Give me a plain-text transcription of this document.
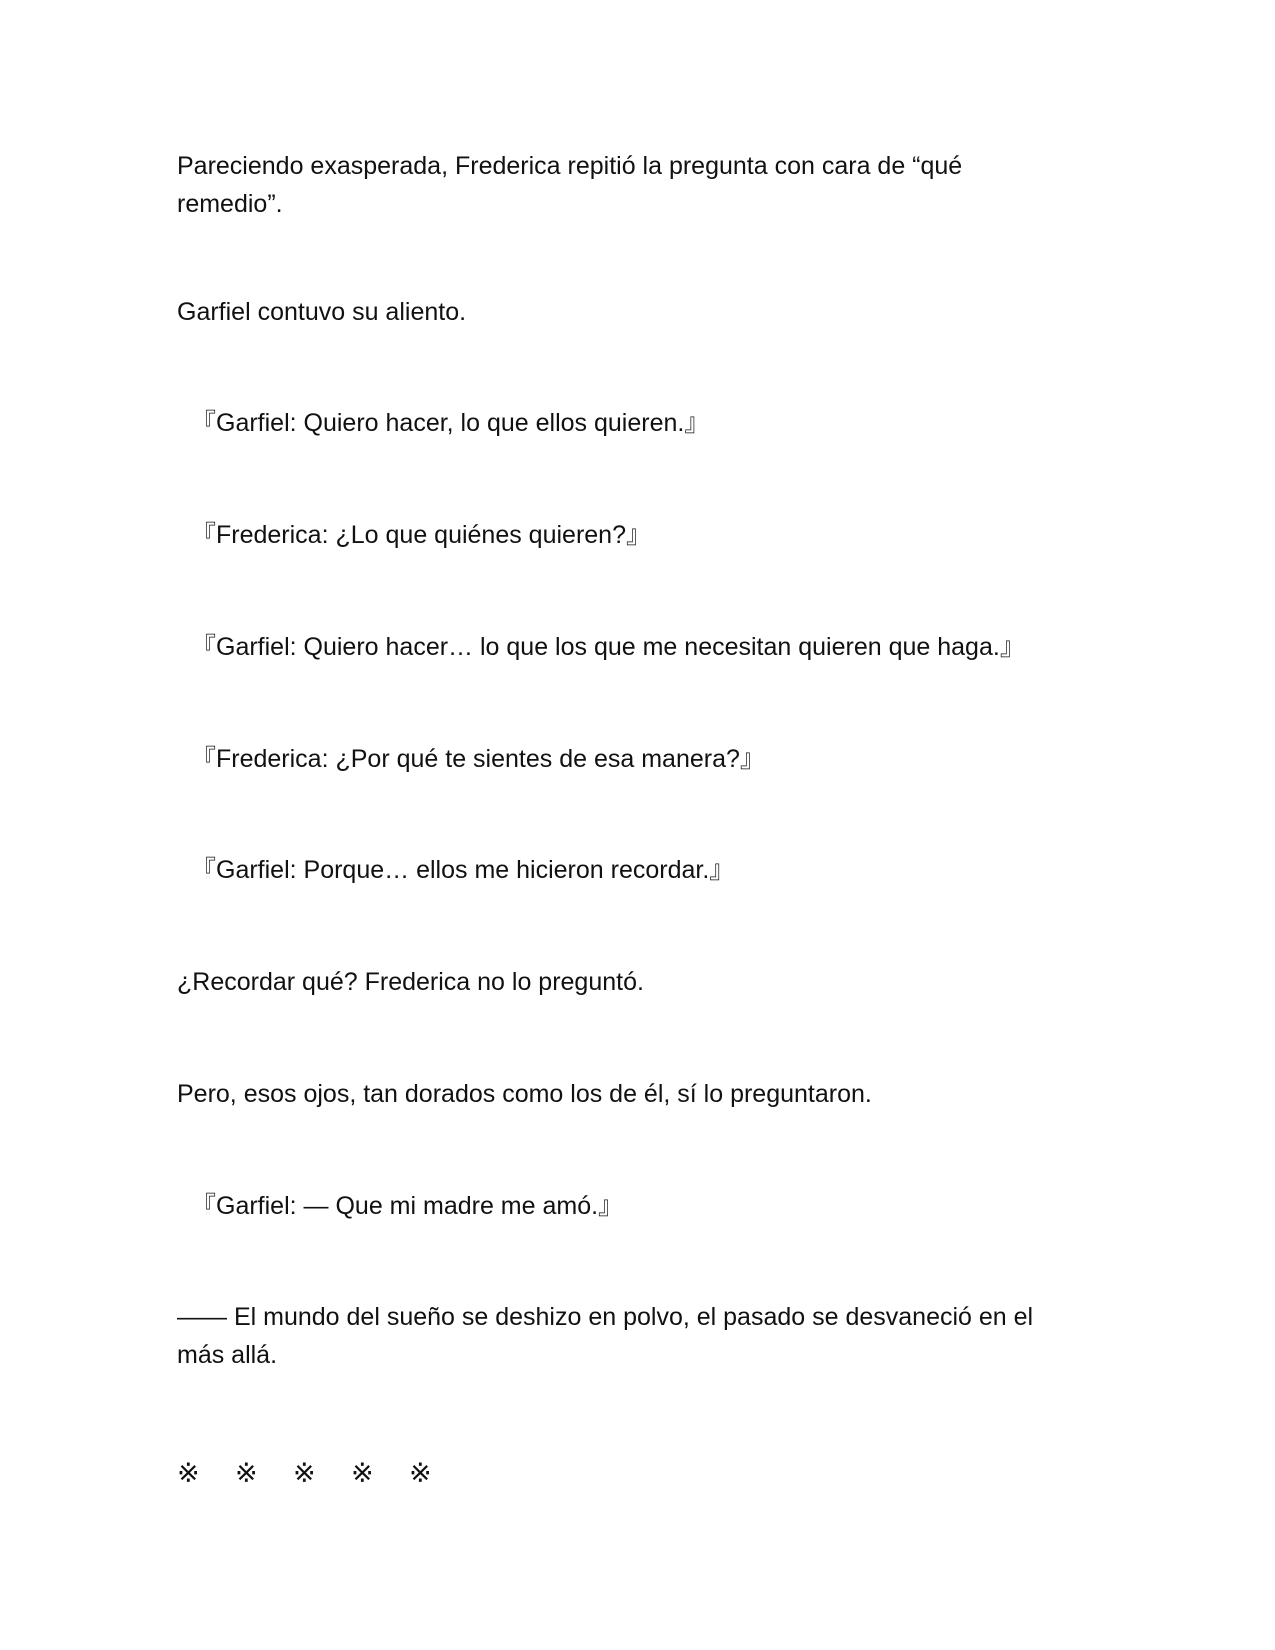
Pareciendo exasperada, Frederica repitió la pregunta con cara de “qué

remedio”.

Garfiel contuvo su aliento.

『Garfiel: Quiero hacer, lo que ellos quieren.』

『Frederica: ¿Lo que quiénes quieren?』

『Garfiel: Quiero hacer… lo que los que me necesitan quieren que haga.』

『Frederica: ¿Por qué te sientes de esa manera?』

『Garfiel: Porque… ellos me hicieron recordar.』

¿Recordar qué? Frederica no lo preguntó.

Pero, esos ojos, tan dorados como los de él, sí lo preguntaron.

『Garfiel: — Que mi madre me amó.』

—— El mundo del sueño se deshizo en polvo, el pasado se desvaneció en el

más allá.

※ ※ ※ ※ ※
